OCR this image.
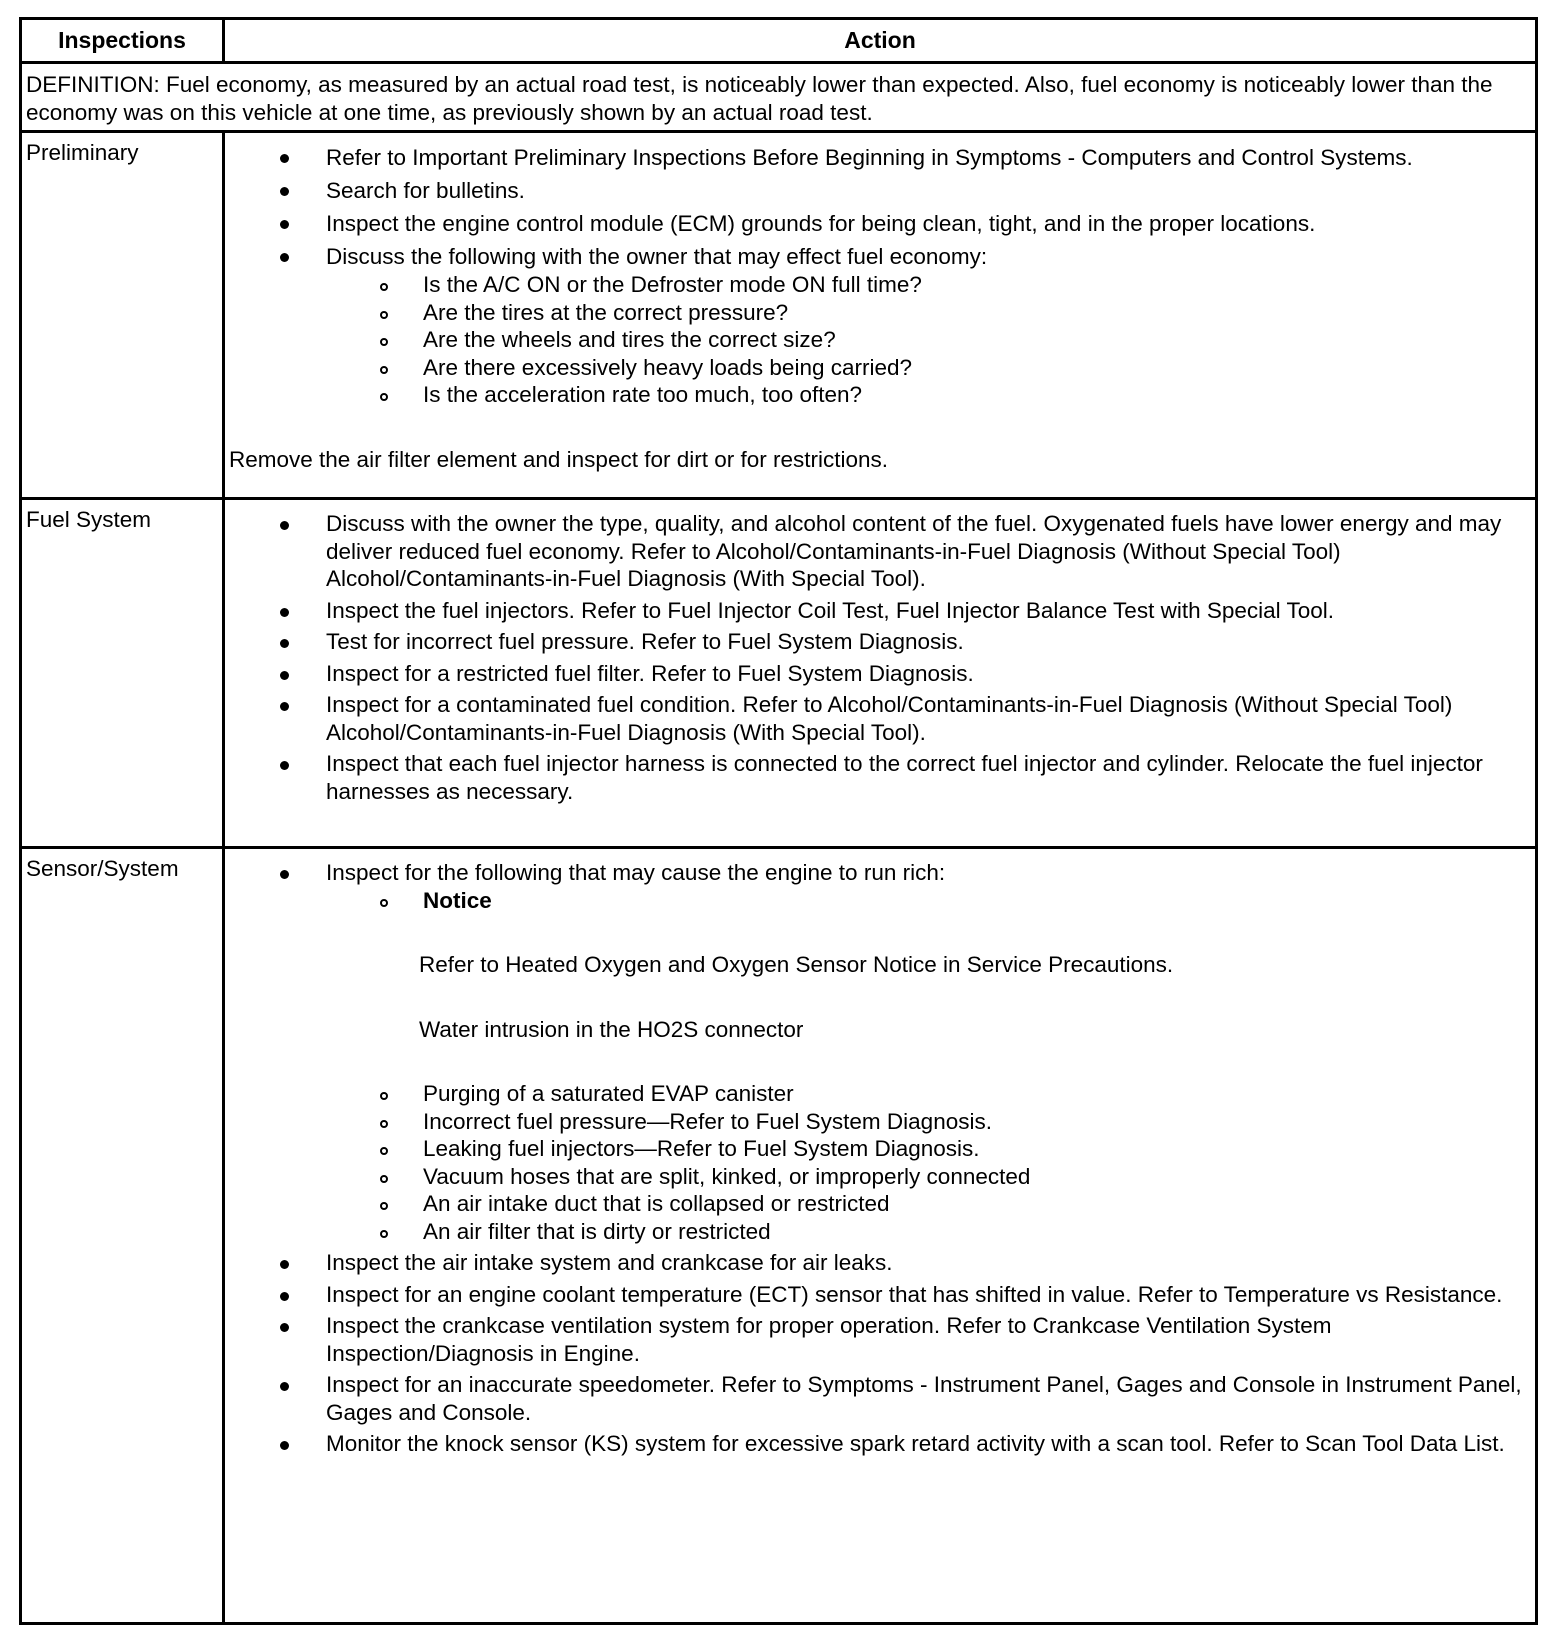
Inspections	Action
DEFINITION: Fuel economy, as measured by an actual road test, is noticeably lower than expected. Also, fuel economy is noticeably lower than the economy was on this vehicle at one time, as previously shown by an actual road test.
Preliminary	Refer to Important Preliminary Inspections Before Beginning in Symptoms - Computers and Control Systems.
Search for bulletins.
Inspect the engine control module (ECM) grounds for being clean, tight, and in the proper locations.
Discuss the following with the owner that may effect fuel economy:
Is the A/C ON or the Defroster mode ON full time?
Are the tires at the correct pressure?
Are the wheels and tires the correct size?
Are there excessively heavy loads being carried?
Is the acceleration rate too much, too often?
Remove the air filter element and inspect for dirt or for restrictions.
Fuel System	Discuss with the owner the type, quality, and alcohol content of the fuel. Oxygenated fuels have lower energy and may deliver reduced fuel economy. Refer to Alcohol/Contaminants-in-Fuel Diagnosis (Without Special Tool) Alcohol/Contaminants-in-Fuel Diagnosis (With Special Tool).
Inspect the fuel injectors. Refer to Fuel Injector Coil Test, Fuel Injector Balance Test with Special Tool.
Test for incorrect fuel pressure. Refer to Fuel System Diagnosis.
Inspect for a restricted fuel filter. Refer to Fuel System Diagnosis.
Inspect for a contaminated fuel condition. Refer to Alcohol/Contaminants-in-Fuel Diagnosis (Without Special Tool) Alcohol/Contaminants-in-Fuel Diagnosis (With Special Tool).
Inspect that each fuel injector harness is connected to the correct fuel injector and cylinder. Relocate the fuel injector harnesses as necessary.
Sensor/System	Inspect for the following that may cause the engine to run rich:
Notice
Refer to Heated Oxygen and Oxygen Sensor Notice in Service Precautions.
Water intrusion in the HO2S connector
Purging of a saturated EVAP canister
Incorrect fuel pressure—Refer to Fuel System Diagnosis.
Leaking fuel injectors—Refer to Fuel System Diagnosis.
Vacuum hoses that are split, kinked, or improperly connected
An air intake duct that is collapsed or restricted
An air filter that is dirty or restricted
Inspect the air intake system and crankcase for air leaks.
Inspect for an engine coolant temperature (ECT) sensor that has shifted in value. Refer to Temperature vs Resistance.
Inspect the crankcase ventilation system for proper operation. Refer to Crankcase Ventilation System Inspection/Diagnosis in Engine.
Inspect for an inaccurate speedometer. Refer to Symptoms - Instrument Panel, Gages and Console in Instrument Panel, Gages and Console.
Monitor the knock sensor (KS) system for excessive spark retard activity with a scan tool. Refer to Scan Tool Data List.
